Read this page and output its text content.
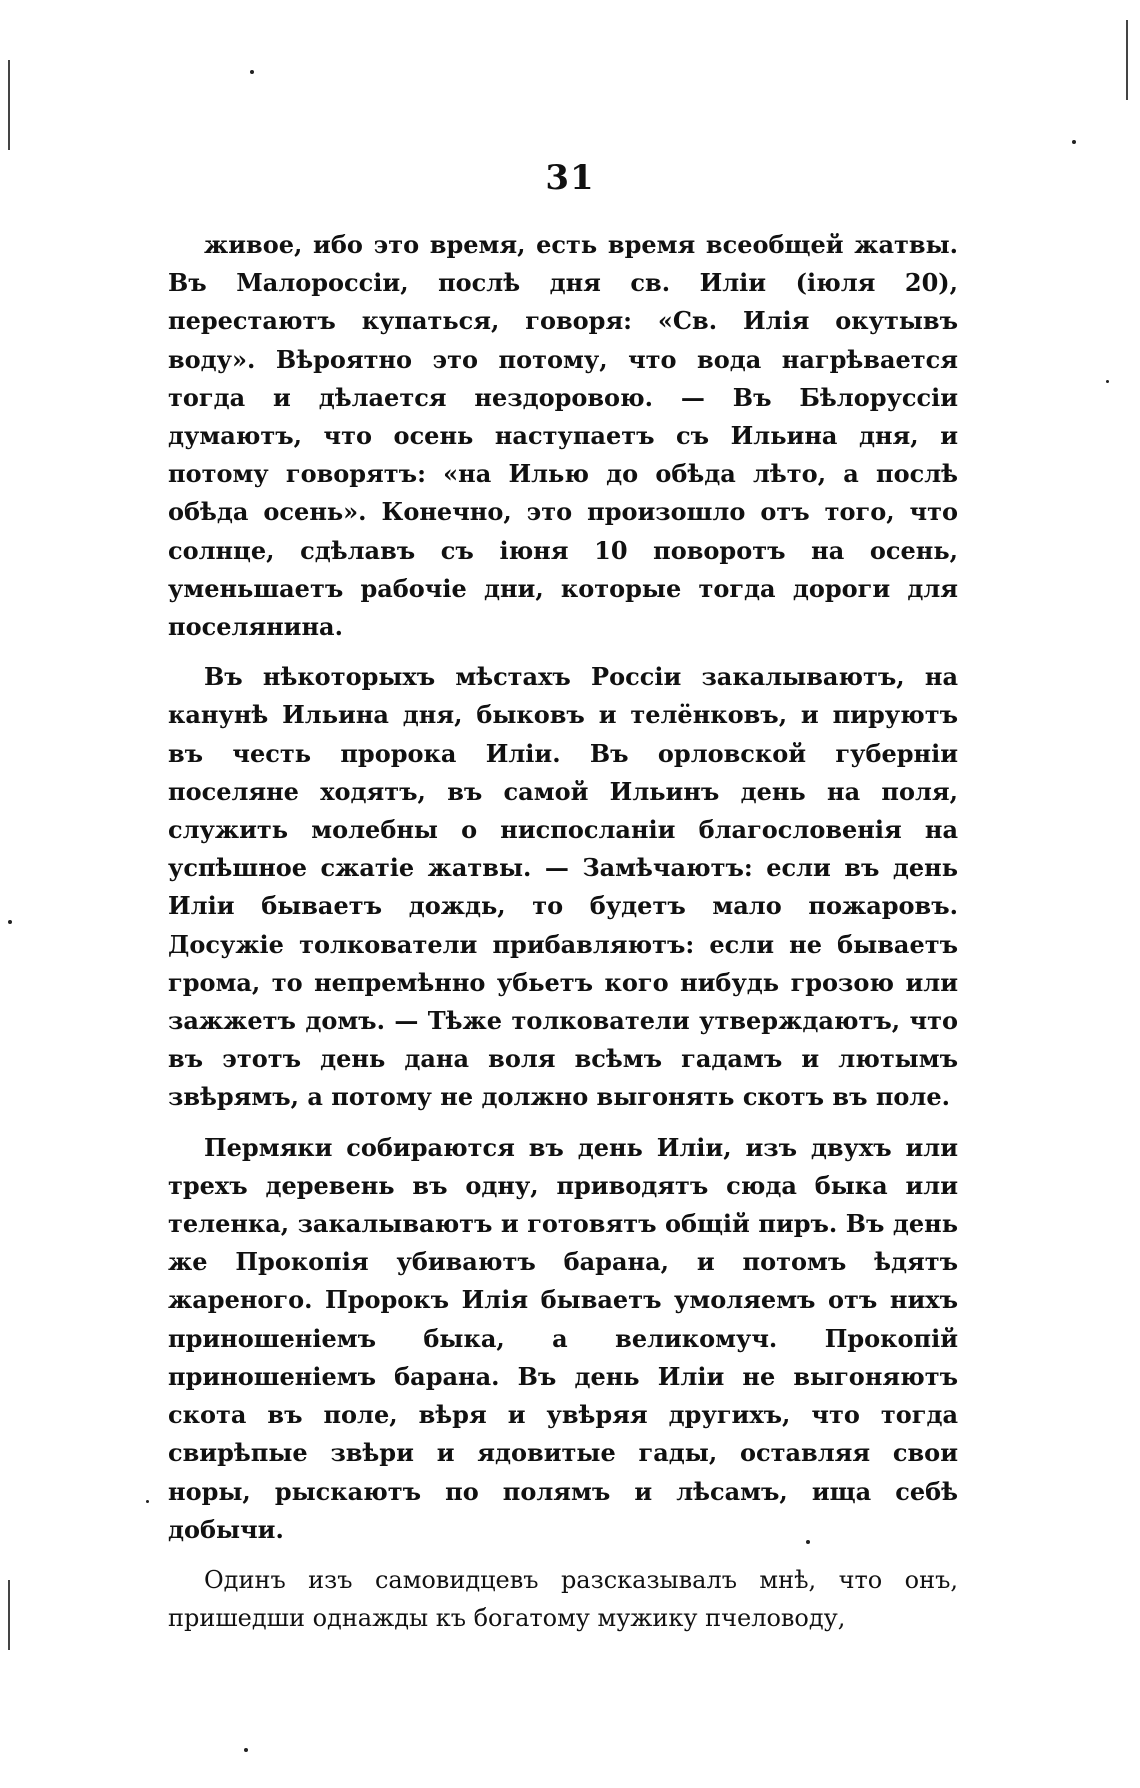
31

живое, ибо это время, есть время всеобщей жатвы. Въ Малороссіи, послѣ дня св. Иліи (іюля 20), перестаютъ купаться, говоря: «Св. Илія окутывъ воду». Вѣроятно это потому, что вода нагрѣвается тогда и дѣлается нездоровою. — Въ Бѣлоруссіи думаютъ, что осень наступаетъ съ Ильина дня, и потому говорятъ: «на Илью до обѣда лѣто, а послѣ обѣда осень». Конечно, это произошло отъ того, что солнце, сдѣлавъ съ іюня 10 поворотъ на осень, уменьшаетъ рабочіе дни, которые тогда дороги для поселянина.

Въ нѣкоторыхъ мѣстахъ Россіи закалываютъ, на канунѣ Ильина дня, быковъ и телёнковъ, и пируютъ въ честь пророка Иліи. Въ орловской губерніи поселяне ходятъ, въ самой Ильинъ день на поля, служить молебны о ниспосланіи благословенія на успѣшное сжатіе жатвы. — Замѣчаютъ: если въ день Иліи бываетъ дождь, то будетъ мало пожаровъ. Досужіе толкователи прибавляютъ: если не бываетъ грома, то непремѣнно убьетъ кого нибудь грозою или зажжетъ домъ. — Тѣже толкователи утверждаютъ, что въ этотъ день дана воля всѣмъ гадамъ и лютымъ звѣрямъ, а потому не должно выгонять скотъ въ поле.

Пермяки собираются въ день Иліи, изъ двухъ или трехъ деревень въ одну, приводятъ сюда быка или теленка, закалываютъ и готовятъ общій пиръ. Въ день же Прокопія убиваютъ барана, и потомъ ѣдятъ жареного. Пророкъ Илія бываетъ умоляемъ отъ нихъ приношеніемъ быка, а великомуч. Прокопій приношеніемъ барана. Въ день Иліи не выгоняютъ скота въ поле, вѣря и увѣряя другихъ, что тогда свирѣпые звѣри и ядовитые гады, оставляя свои норы, рыскаютъ по полямъ и лѣсамъ, ища себѣ добычи.

Одинъ изъ самовидцевъ разсказывалъ мнѣ, что онъ, пришедши однажды къ богатому мужику пчеловоду,
